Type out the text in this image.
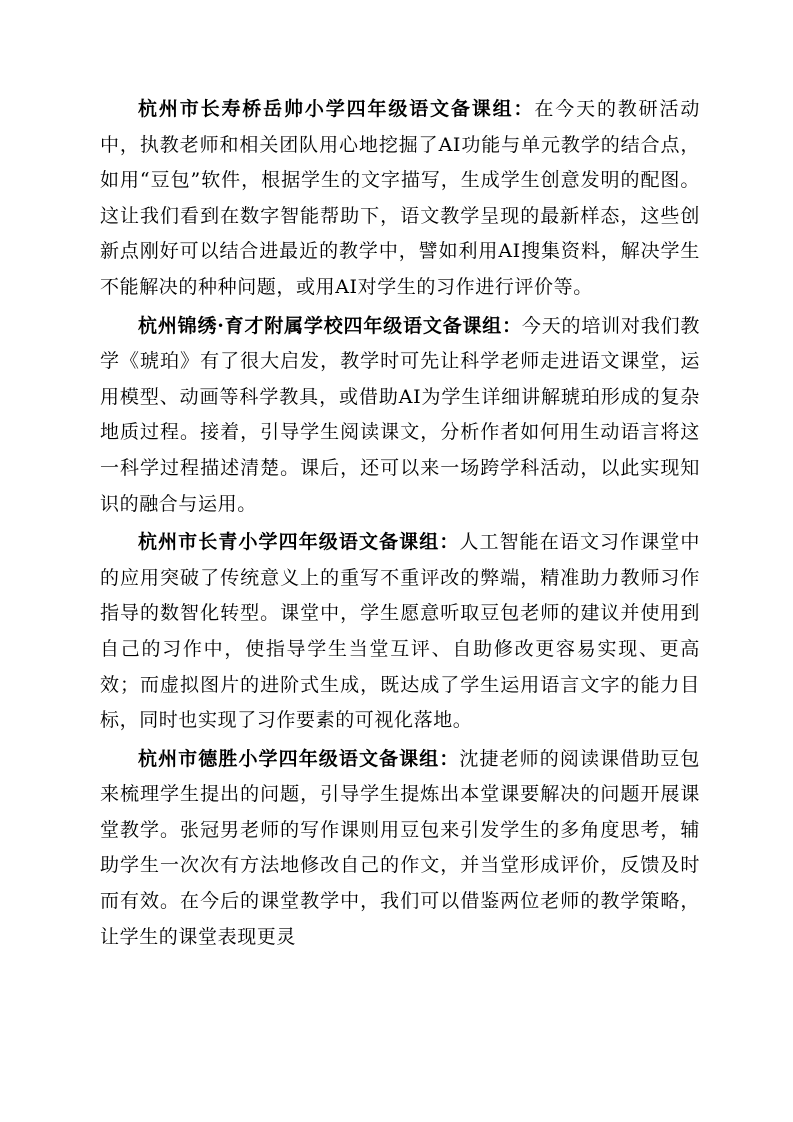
杭州市长寿桥岳帅小学四年级语文备课组：在今天的教研活动中，执教老师和相关团队用心地挖掘了AI功能与单元教学的结合点，如用“豆包”软件，根据学生的文字描写，生成学生创意发明的配图。这让我们看到在数字智能帮助下，语文教学呈现的最新样态，这些创新点刚好可以结合进最近的教学中，譬如利用AI搜集资料，解决学生不能解决的种种问题，或用AI对学生的习作进行评价等。

杭州锦绣·育才附属学校四年级语文备课组：今天的培训对我们教学《琥珀》有了很大启发，教学时可先让科学老师走进语文课堂，运用模型、动画等科学教具，或借助AI为学生详细讲解琥珀形成的复杂地质过程。接着，引导学生阅读课文，分析作者如何用生动语言将这一科学过程描述清楚。课后，还可以来一场跨学科活动，以此实现知识的融合与运用。

杭州市长青小学四年级语文备课组：人工智能在语文习作课堂中的应用突破了传统意义上的重写不重评改的弊端，精准助力教师习作指导的数智化转型。课堂中，学生愿意听取豆包老师的建议并使用到自己的习作中，使指导学生当堂互评、自助修改更容易实现、更高效；而虚拟图片的进阶式生成，既达成了学生运用语言文字的能力目标，同时也实现了习作要素的可视化落地。

杭州市德胜小学四年级语文备课组：沈捷老师的阅读课借助豆包来梳理学生提出的问题，引导学生提炼出本堂课要解决的问题开展课堂教学。张冠男老师的写作课则用豆包来引发学生的多角度思考，辅助学生一次次有方法地修改自己的作文，并当堂形成评价，反馈及时而有效。在今后的课堂教学中，我们可以借鉴两位老师的教学策略，让学生的课堂表现更灵
